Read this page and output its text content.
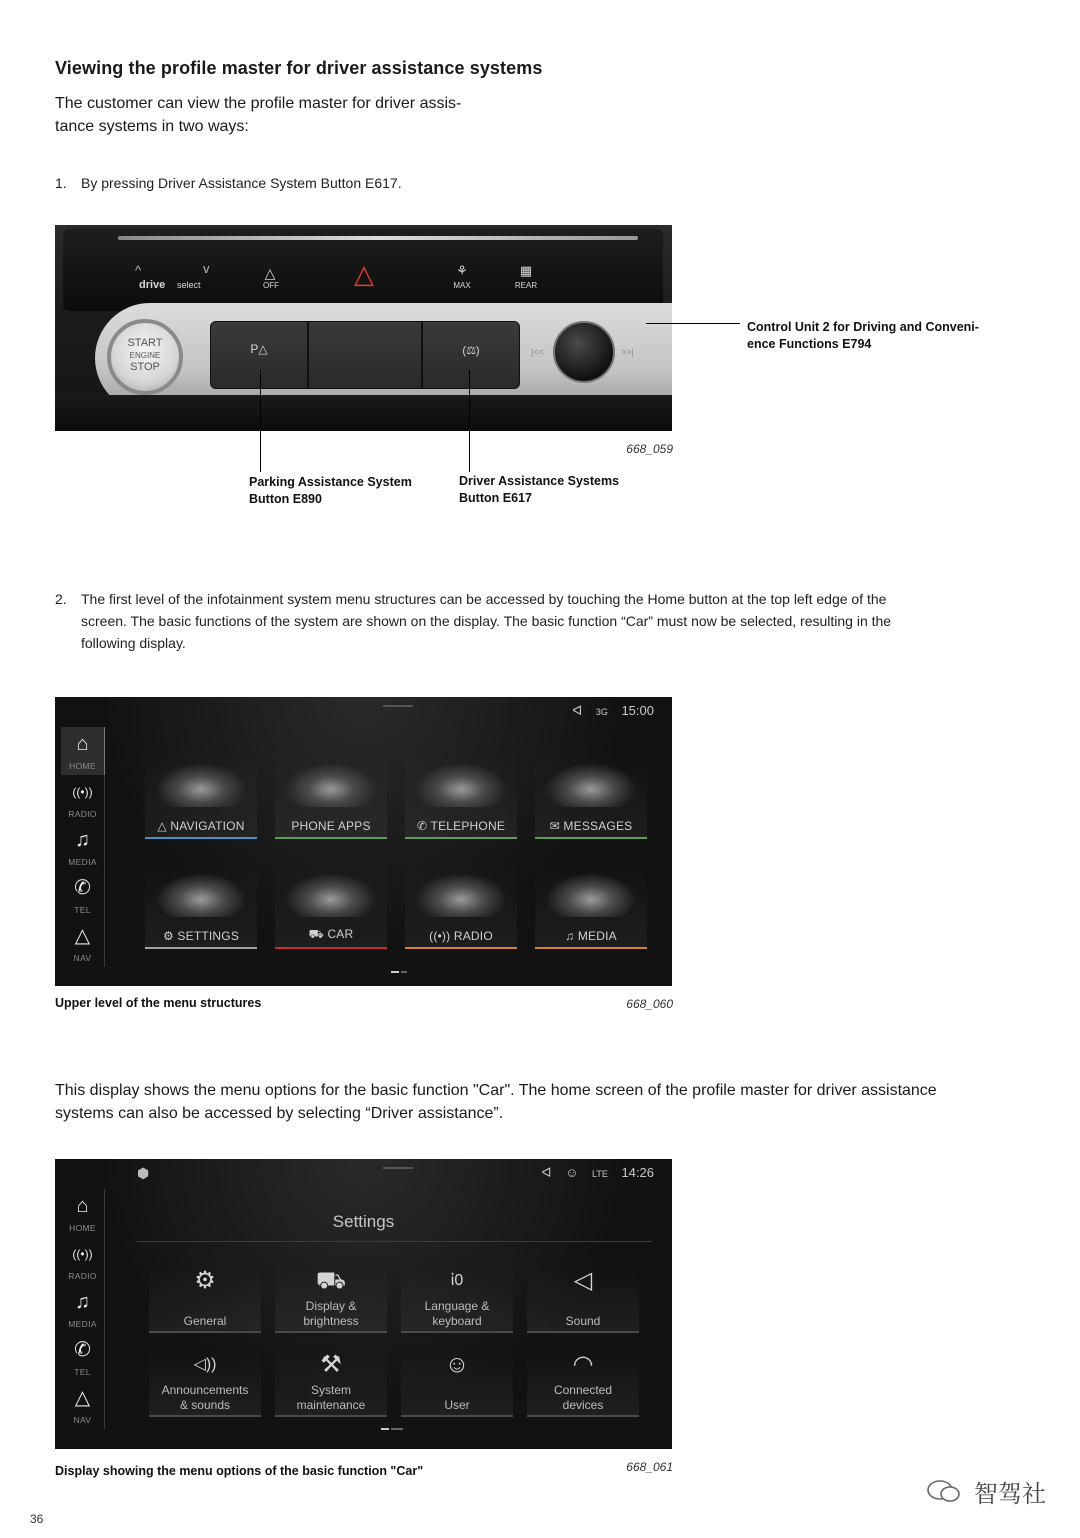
Viewing the profile master for driver assistance systems
The customer can view the profile master for driver assis-
tance systems in two ways:
1. By pressing Driver Assistance System Button E617.
^	v
drive select
△
OFF	△	⚘
MAX
▦
REAR
START
ENGINE
STOP
P△	(⚖)	|<<	>>|
Control Unit 2 for Driving and Conveni-
ence Functions E794
668_059
Parking Assistance System
Button E890
Driver Assistance Systems
Button E617
2. The first level of the infotainment system menu structures can be accessed by touching the Home button at the top left edge of the
screen. The basic functions of the system are shown on the display. The basic function “Car” must now be selected, resulting in the
following display.
ᐊ 3G 15:00
⌂
HOME
((•))
RADIO
♫
MEDIA
✆
TEL
△
NAV
△ NAVIGATION	PHONE APPS	✆ TELEPHONE	✉ MESSAGES
⚙ SETTINGS	⛟ CAR	((•)) RADIO	♫ MEDIA
Upper level of the menu structures	668_060
This display shows the menu options for the basic function "Car". The home screen of the profile master for driver assistance
systems can also be accessed by selecting “Driver assistance”.
⬢	ᐊ ☺ LTE 14:26
Settings
⌂
HOME
((•))
RADIO
♫
MEDIA
✆
TEL
△
NAV
⚙
General
⛟
Display &
brightness
ἱ0
Language &
keyboard
◁
Sound
◁))
Announcements
& sounds
⚒
System
maintenance
☺
User
◠
Connected
devices
Display showing the menu options of the basic function "Car"	668_061
智驾社
36
